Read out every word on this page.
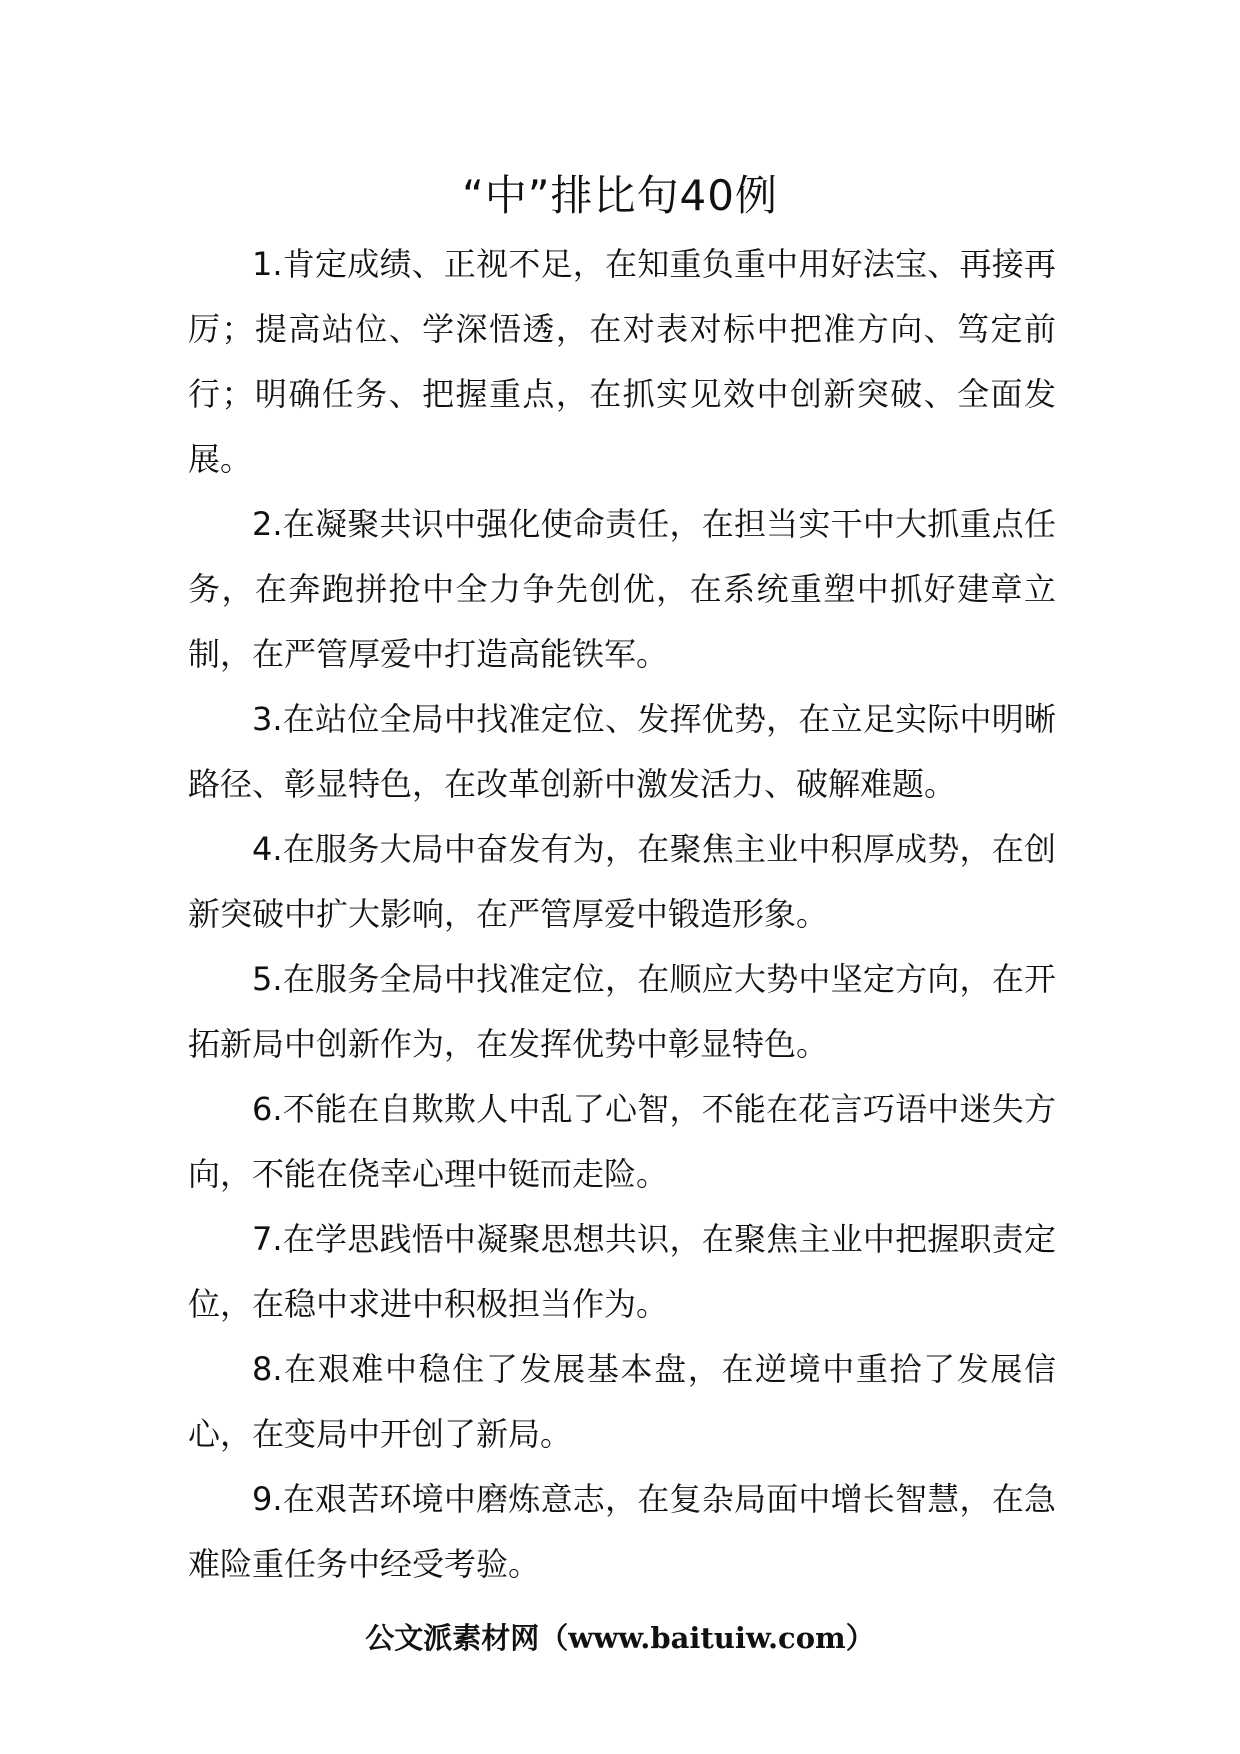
“中”排比句40例

1.肯定成绩、正视不足，在知重负重中用好法宝、再接再厉；提高站位、学深悟透，在对表对标中把准方向、笃定前行；明确任务、把握重点，在抓实见效中创新突破、全面发展。

2.在凝聚共识中强化使命责任，在担当实干中大抓重点任务，在奔跑拼抢中全力争先创优，在系统重塑中抓好建章立制，在严管厚爱中打造高能铁军。

3.在站位全局中找准定位、发挥优势，在立足实际中明晰路径、彰显特色，在改革创新中激发活力、破解难题。

4.在服务大局中奋发有为，在聚焦主业中积厚成势，在创新突破中扩大影响，在严管厚爱中锻造形象。

5.在服务全局中找准定位，在顺应大势中坚定方向，在开拓新局中创新作为，在发挥优势中彰显特色。

6.不能在自欺欺人中乱了心智，不能在花言巧语中迷失方向，不能在侥幸心理中铤而走险。

7.在学思践悟中凝聚思想共识，在聚焦主业中把握职责定位，在稳中求进中积极担当作为。

8.在艰难中稳住了发展基本盘，在逆境中重拾了发展信心，在变局中开创了新局。

9.在艰苦环境中磨炼意志，在复杂局面中增长智慧，在急难险重任务中经受考验。

公文派素材网（www.baituiw.com）
